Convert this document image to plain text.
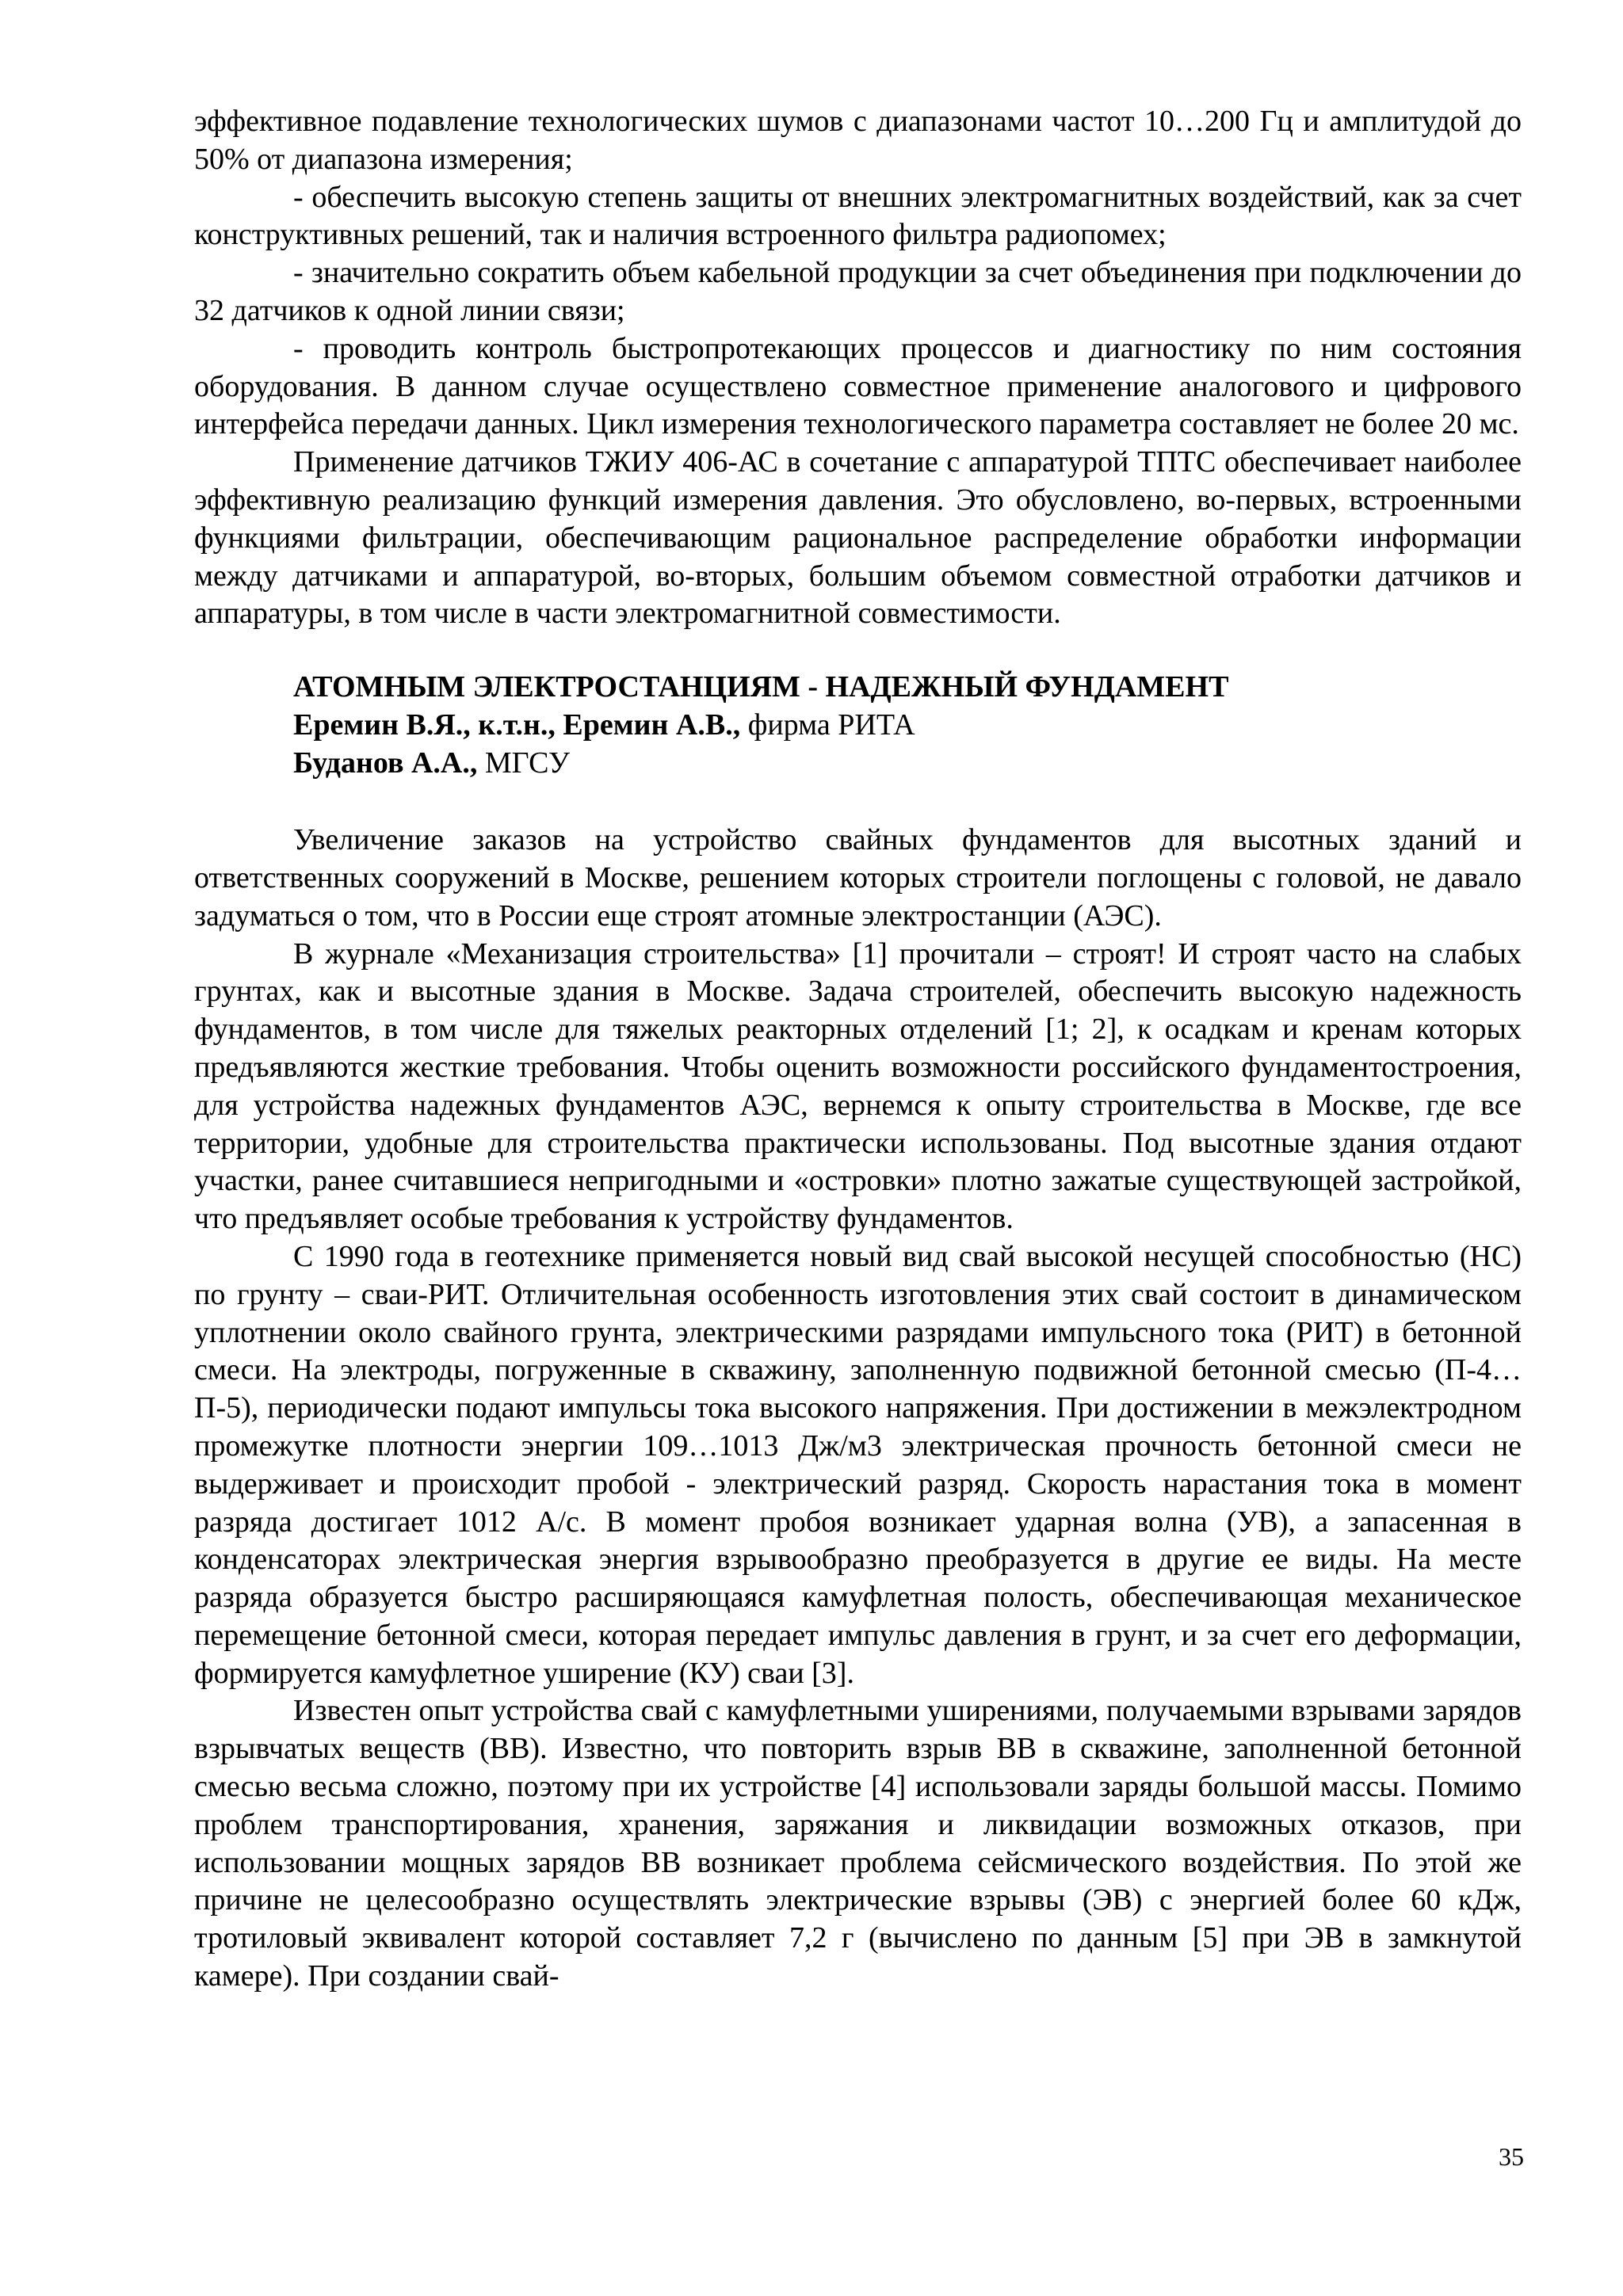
эффективное подавление технологических шумов с диапазонами частот 10…200 Гц и амплитудой до 50% от диапазона измерения;

- обеспечить высокую степень защиты от внешних электромагнитных воздействий, как за счет конструктивных решений, так и наличия встроенного фильтра радиопомех;

- значительно сократить объем кабельной продукции за счет объединения при подключении до 32 датчиков к одной линии связи;

- проводить контроль быстропротекающих процессов и диагностику по ним состояния оборудования. В данном случае осуществлено совместное применение аналогового и цифрового интерфейса передачи данных. Цикл измерения технологического параметра составляет не более 20 мс.

Применение датчиков ТЖИУ 406-АС в сочетание с аппаратурой ТПТС обеспечивает наиболее эффективную реализацию функций измерения давления. Это обусловлено, во-первых, встроенными функциями фильтрации, обеспечивающим рациональное распределение обработки информации между датчиками и аппаратурой, во-вторых, большим объемом совместной отработки датчиков и аппаратуры, в том числе в части электромагнитной совместимости.

АТОМНЫМ ЭЛЕКТРОСТАНЦИЯМ - НАДЕЖНЫЙ ФУНДАМЕНТ

Еремин В.Я., к.т.н., Еремин А.В., фирма РИТА

Буданов А.А., МГСУ

Увеличение заказов на устройство свайных фундаментов для высотных зданий и ответственных сооружений в Москве, решением которых строители поглощены с головой, не давало задуматься о том, что в России еще строят атомные электростанции (АЭС).

В журнале «Механизация строительства» [1] прочитали – строят! И строят часто на слабых грунтах, как и высотные здания в Москве. Задача строителей, обеспечить высокую надежность фундаментов, в том числе для тяжелых реакторных отделений [1; 2], к осадкам и кренам которых предъявляются жесткие требования. Чтобы оценить возможности российского фундаментостроения, для устройства надежных фундаментов АЭС, вернемся к опыту строительства в Москве, где все территории, удобные для строительства практически использованы. Под высотные здания отдают участки, ранее считавшиеся непригодными и «островки» плотно зажатые существующей застройкой, что предъявляет особые требования к устройству фундаментов.

С 1990 года в геотехнике применяется новый вид свай высокой несущей способностью (НС) по грунту – сваи-РИТ. Отличительная особенность изготовления этих свай состоит в динамическом уплотнении около свайного грунта, электрическими разрядами импульсного тока (РИТ) в бетонной смеси. На электроды, погруженные в скважину, заполненную подвижной бетонной смесью (П-4…П-5), периодически подают импульсы тока высокого напряжения. При достижении в межэлектродном промежутке плотности энергии 109…1013 Дж/м3 электрическая прочность бетонной смеси не выдерживает и происходит пробой - электрический разряд. Скорость нарастания тока в момент разряда достигает 1012 А/с. В момент пробоя возникает ударная волна (УВ), а запасенная в конденсаторах электрическая энергия взрывообразно преобразуется в другие ее виды. На месте разряда образуется быстро расширяющаяся камуфлетная полость, обеспечивающая механическое перемещение бетонной смеси, которая передает импульс давления в грунт, и за счет его деформации, формируется камуфлетное уширение (КУ) сваи [3].

Известен опыт устройства свай с камуфлетными уширениями, получаемыми взрывами зарядов взрывчатых веществ (ВВ). Известно, что повторить взрыв ВВ в скважине, заполненной бетонной смесью весьма сложно, поэтому при их устройстве [4] использовали заряды большой массы. Помимо проблем транспортирования, хранения, заряжания и ликвидации возможных отказов, при использовании мощных зарядов ВВ возникает проблема сейсмического воздействия. По этой же причине не целесообразно осуществлять электрические взрывы (ЭВ) с энергией более 60 кДж, тротиловый эквивалент которой составляет 7,2 г (вычислено по данным [5] при ЭВ в замкнутой камере). При создании свай-

35
